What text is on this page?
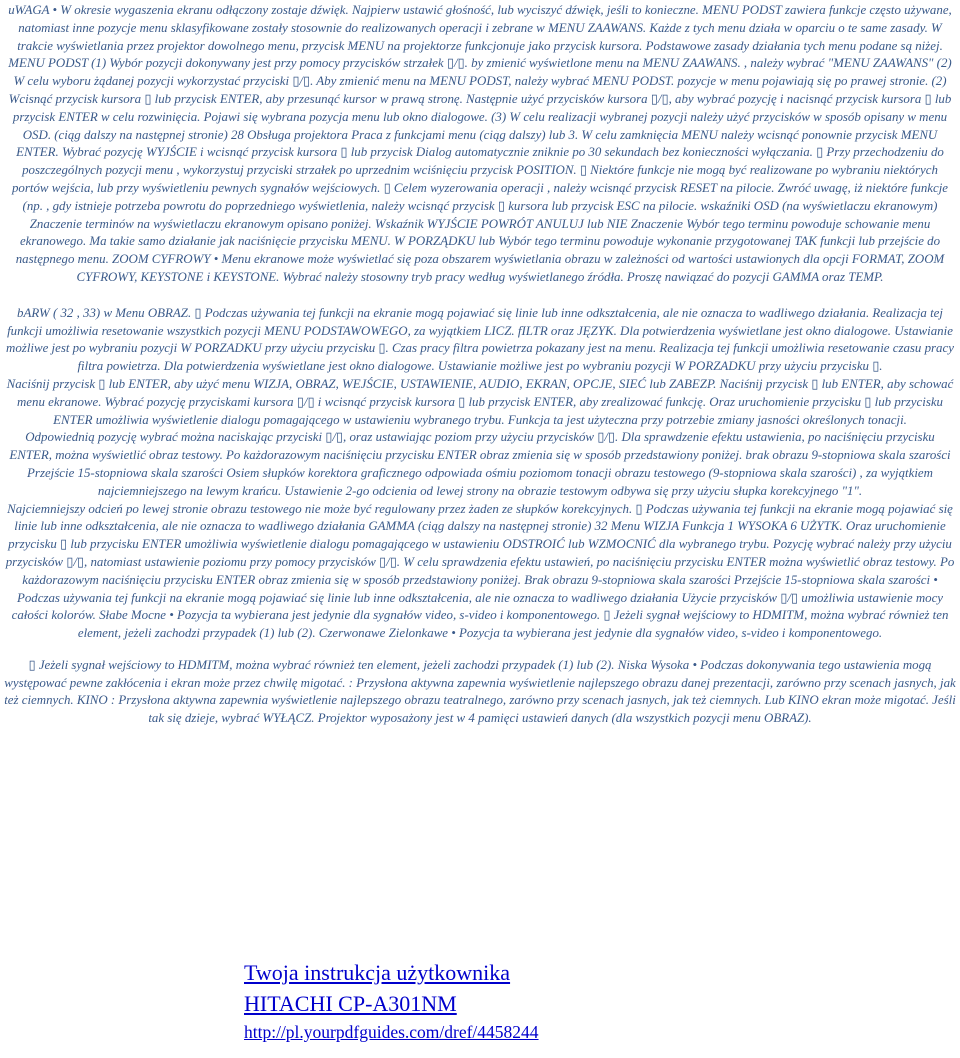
uWAGA • W okresie wygaszenia ekranu odłączony zostaje dźwięk. Najpierw ustawić głośność, lub wyciszyć dźwięk, jeśli to konieczne. MENU PODST zawiera funkcje często używane, natomiast inne pozycje menu sklasyfikowane zostały stosownie do realizowanych operacji i zebrane w MENU ZAAWANS. Każde z tych menu działa w oparciu o te same zasady. W trakcie wyświetlania przez projektor dowolnego menu, przycisk MENU na projektorze funkcjonuje jako przycisk kursora. Podstawowe zasady działania tych menu podane są niżej. MENU PODST (1) Wybór pozycji dokonywany jest przy pomocy przycisków strzałek ▯/▯. by zmienić wyświetlone menu na MENU ZAAWANS. , należy wybrać "MENU ZAAWANS" (2) W celu wyboru żądanej pozycji wykorzystać przyciski ▯/▯. Aby zmienić menu na MENU PODST, należy wybrać MENU PODST. pozycje w menu pojawiają się po prawej stronie. (2) Wcisnąć przycisk kursora ▯ lub przycisk ENTER, aby przesunąć kursor w prawą stronę. Następnie użyć przycisków kursora ▯/▯, aby wybrać pozycję i nacisnąć przycisk kursora ▯ lub przycisk ENTER w celu rozwinięcia. Pojawi się wybrana pozycja menu lub okno dialogowe. (3) W celu realizacji wybranej pozycji należy użyć przycisków w sposób opisany w menu OSD. (ciąg dalszy na następnej stronie) 28 Obsługa projektora Praca z funkcjami menu (ciąg dalszy) lub 3. W celu zamknięcia MENU należy wcisnąć ponownie przycisk MENU ENTER. Wybrać pozycję WYJŚCIE i wcisnąć przycisk kursora ▯ lub przycisk Dialog automatycznie zniknie po 30 sekundach bez konieczności wyłączania. ▯ Przy przechodzeniu do poszczególnych pozycji menu , wykorzystuj przyciski strzałek po uprzednim wciśnięciu przycisk POSITION. ▯ Niektóre funkcje nie mogą być realizowane po wybraniu niektórych portów wejścia, lub przy wyświetleniu pewnych sygnałów wejściowych. ▯ Celem wyzerowania operacji , należy wcisnąć przycisk RESET na pilocie. Zwróć uwagę, iż niektóre funkcje (np. , gdy istnieje potrzeba powrotu do poprzedniego wyświetlenia, należy wcisnąć przycisk ▯ kursora lub przycisk ESC na pilocie. wskaźniki OSD (na wyświetlaczu ekranowym) Znaczenie terminów na wyświetlaczu ekranowym opisano poniżej. Wskaźnik WYJŚCIE POWRÓT ANULUJ lub NIE Znaczenie Wybór tego terminu powoduje schowanie menu ekranowego. Ma takie samo działanie jak naciśnięcie przycisku MENU. W PORZĄDKU lub Wybór tego terminu powoduje wykonanie przygotowanej TAK funkcji lub przejście do następnego menu. ZOOM CYFROWY • Menu ekranowe może wyświetlać się poza obszarem wyświetlania obrazu w zależności od wartości ustawionych dla opcji FORMAT, ZOOM CYFROWY, KEYSTONE i KEYSTONE. Wybrać należy stosowny tryb pracy według wyświetlanego źródła. Proszę nawiązać do pozycji GAMMA oraz TEMP.

bARW ( 32 , 33) w Menu OBRAZ. ▯ Podczas używania tej funkcji na ekranie mogą pojawiać się linie lub inne odkształcenia, ale nie oznacza to wadliwego działania. Realizacja tej funkcji umożliwia resetowanie wszystkich pozycji MENU PODSTAWOWEGO, za wyjątkiem LICZ. fILTR oraz JĘZYK. Dla potwierdzenia wyświetlane jest okno dialogowe. Ustawianie możliwe jest po wybraniu pozycji W PORZADKU przy użyciu przycisku ▯. Czas pracy filtra powietrza pokazany jest na menu. Realizacja tej funkcji umożliwia resetowanie czasu pracy filtra powietrza. Dla potwierdzenia wyświetlane jest okno dialogowe. Ustawianie możliwe jest po wybraniu pozycji W PORZADKU przy użyciu przycisku ▯.

Naciśnij przycisk ▯ lub ENTER, aby użyć menu WIZJA, OBRAZ, WEJŚCIE, USTAWIENIE, AUDIO, EKRAN, OPCJE, SIEĆ lub ZABEZP. Naciśnij przycisk ▯ lub ENTER, aby schować menu ekranowe. Wybrać pozycję przyciskami kursora ▯/▯ i wcisnąć przycisk kursora ▯ lub przycisk ENTER, aby zrealizować funkcję. Oraz uruchomienie przycisku ▯ lub przycisku ENTER umożliwia wyświetlenie dialogu pomagającego w ustawieniu wybranego trybu. Funkcja ta jest użyteczna przy potrzebie zmiany jasności określonych tonacji.

Odpowiednią pozycję wybrać można naciskając przyciski ▯/▯, oraz ustawiając poziom przy użyciu przycisków ▯/▯. Dla sprawdzenie efektu ustawienia, po naciśnięciu przycisku ENTER, można wyświetlić obraz testowy. Po każdorazowym naciśnięciu przycisku ENTER obraz zmienia się w sposób przedstawiony poniżej. brak obrazu 9-stopniowa skala szarości Przejście 15-stopniowa skala szarości Osiem słupków korektora graficznego odpowiada ośmiu poziomom tonacji obrazu testowego (9-stopniowa skala szarości) , za wyjątkiem najciemniejszego na lewym krańcu. Ustawienie 2-go odcienia od lewej strony na obrazie testowym odbywa się przy użyciu słupka korekcyjnego "1".

Najciemniejszy odcień po lewej stronie obrazu testowego nie może być regulowany przez żaden ze słupków korekcyjnych. ▯ Podczas używania tej funkcji na ekranie mogą pojawiać się linie lub inne odkształcenia, ale nie oznacza to wadliwego działania GAMMA (ciąg dalszy na następnej stronie) 32 Menu WIZJA Funkcja 1 WYSOKA 6 UŻYTK. Oraz uruchomienie przycisku ▯ lub przycisku ENTER umożliwia wyświetlenie dialogu pomagającego w ustawieniu ODSTROIĆ lub WZMOCNIĆ dla wybranego trybu. Pozycję wybrać należy przy użyciu przycisków ▯/▯, natomiast ustawienie poziomu przy pomocy przycisków ▯/▯. W celu sprawdzenia efektu ustawień, po naciśnięciu przycisku ENTER można wyświetlić obraz testowy. Po każdorazowym naciśnięciu przycisku ENTER obraz zmienia się w sposób przedstawiony poniżej. Brak obrazu 9-stopniowa skala szarości Przejście 15-stopniowa skala szarości • Podczas używania tej funkcji na ekranie mogą pojawiać się linie lub inne odkształcenia, ale nie oznacza to wadliwego działania Użycie przycisków ▯/▯ umożliwia ustawienie mocy całości kolorów. Słabe Mocne • Pozycja ta wybierana jest jedynie dla sygnałów video, s-video i komponentowego. ▯ Jeżeli sygnał wejściowy to HDMITM, można wybrać również ten element, jeżeli zachodzi przypadek (1) lub (2). Czerwonawe Zielonkawe • Pozycja ta wybierana jest jedynie dla sygnałów video, s-video i komponentowego.

▯ Jeżeli sygnał wejściowy to HDMITM, można wybrać również ten element, jeżeli zachodzi przypadek (1) lub (2). Niska Wysoka • Podczas dokonywania tego ustawienia mogą występować pewne zakłócenia i ekran może przez chwilę migotać. : Przysłona aktywna zapewnia wyświetlenie najlepszego obrazu danej prezentacji, zarówno przy scenach jasnych, jak też ciemnych. KINO : Przysłona aktywna zapewnia wyświetlenie najlepszego obrazu teatralnego, zarówno przy scenach jasnych, jak też ciemnych. Lub KINO ekran może migotać. Jeśli tak się dzieje, wybrać WYŁĄCZ. Projektor wyposażony jest w 4 pamięci ustawień danych (dla wszystkich pozycji menu OBRAZ).

Twoja instrukcja użytkownika
HITACHI CP-A301NM
http://pl.yourpdfguides.com/dref/4458244
